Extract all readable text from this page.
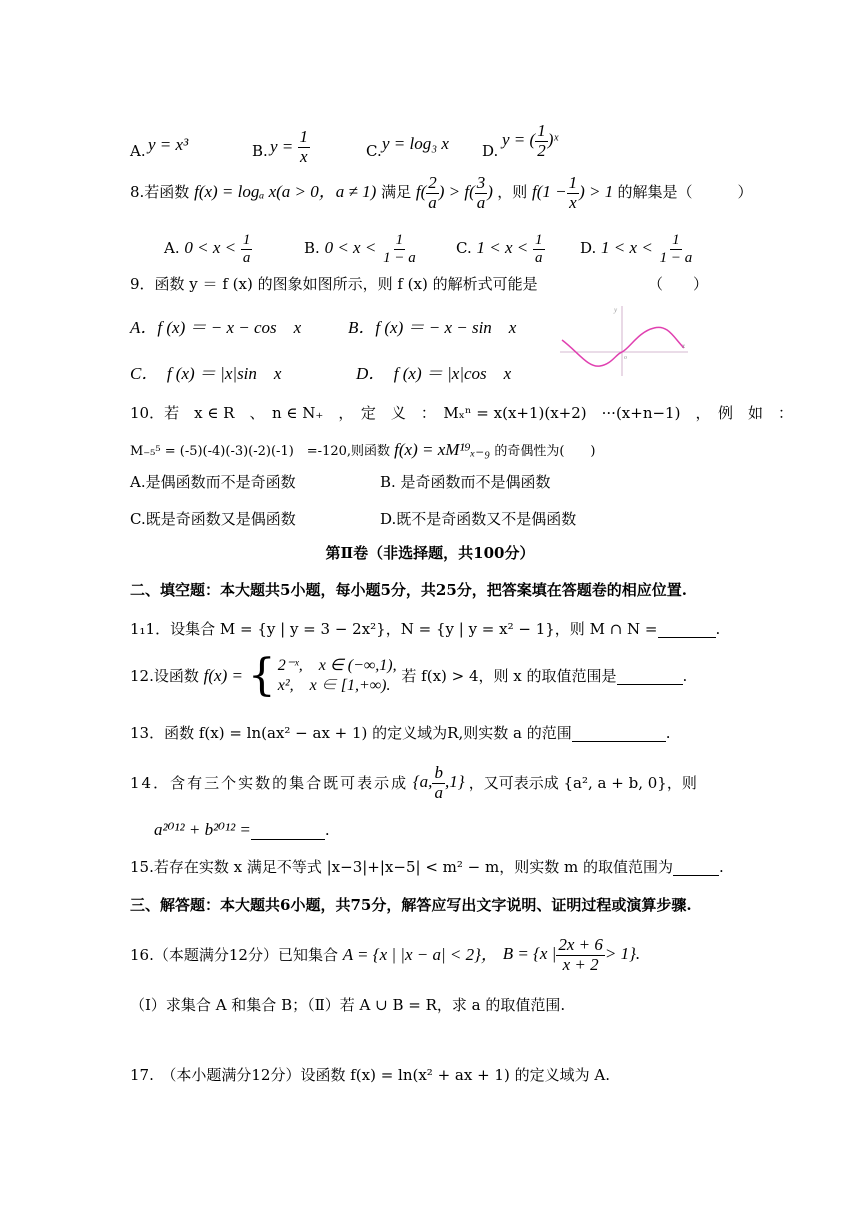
A. y = x³	B. $y = \frac{1}{x}$	C. y = log₃ x D.
y = ( $\frac{1}{2}$ )ˣ
8.若函数 f(x) = logₐ x(a > 0，a ≠ 1) 满足 $f( \frac{2}{a}$ ) > $f( \frac{3}{a}$ ) ，则 $f(1 - \frac{1}{x}$ ) > 1 的解集是（　　　）
A. $0 < x < \frac{1}{a}$	B. $0 < x < \frac{1}{1 - a}$	C. $1 < x < \frac{1}{a} D$. $1 < x < \frac{1}{1 - a}$
9．函数 y ＝ f (x) 的图象如图所示，则 f (x) 的解析式可能是	（　　）
A．f (x) ＝ − x − cos　x	B．f (x) ＝ − x − sin　x
C．　f (x) ＝ |x|sin　x	D．　f (x) ＝ |x|cos　x
y
x
o
10．若　x ∈ R　、　n ∈ N₊　，　定　义　：　Mₓⁿ = x(x+1)(x+2)　···(x+n−1)　，　例　如　：
M₋₅⁵ = (-5)(-4)(-3)(-2)(-1)　=-120,则函数 f(x) = xM¹⁹ₓ₋₉ 的奇偶性为(　　)
A.是偶函数而不是奇函数	B. 是奇函数而不是偶函数
C.既是奇函数又是偶函数	D.既不是奇函数又不是偶函数
第Ⅱ卷（非选择题，共100分）
二、填空题：本大题共5小题，每小题5分，共25分，把答案填在答题卷的相应位置.
1₁1．设集合 M = {y | y = 3 − 2x²}，N = {y | y = x² − 1}，则 M ∩ N =	.
12.设函数 f(x) = { 2⁻ˣ,　x ∈ (−∞,1),
x²,　x ∈ [1,+∞).
若 f(x) > 4，则 x 的取值范围是	.
13．函数 f(x) = ln(ax² − ax + 1) 的定义域为R,则实数 a 的范围	.
14．含有三个实数的集合既可表示成 {a, $\frac{b}{a} ,1$} ，又可表示成 {a², a + b, 0}，则
a²⁰¹² + b²⁰¹² =	.
15.若存在实数 x 满足不等式 |x−3|+|x−5| < m² − m，则实数 m 的取值范围为	.
三、解答题：本大题共6小题，共75分，解答应写出文字说明、证明过程或演算步骤.
16.（本题满分12分）已知集合 A = {x | |x − a| < 2}， B = {x | $\frac{2x + 6}{x + 2} > 1$}.
（Ⅰ）求集合 A 和集合 B；（Ⅱ）若 A ∪ B = R，求 a 的取值范围.
17.　（本小题满分12分）设函数 f(x) = ln(x² + ax + 1) 的定义域为 A.
